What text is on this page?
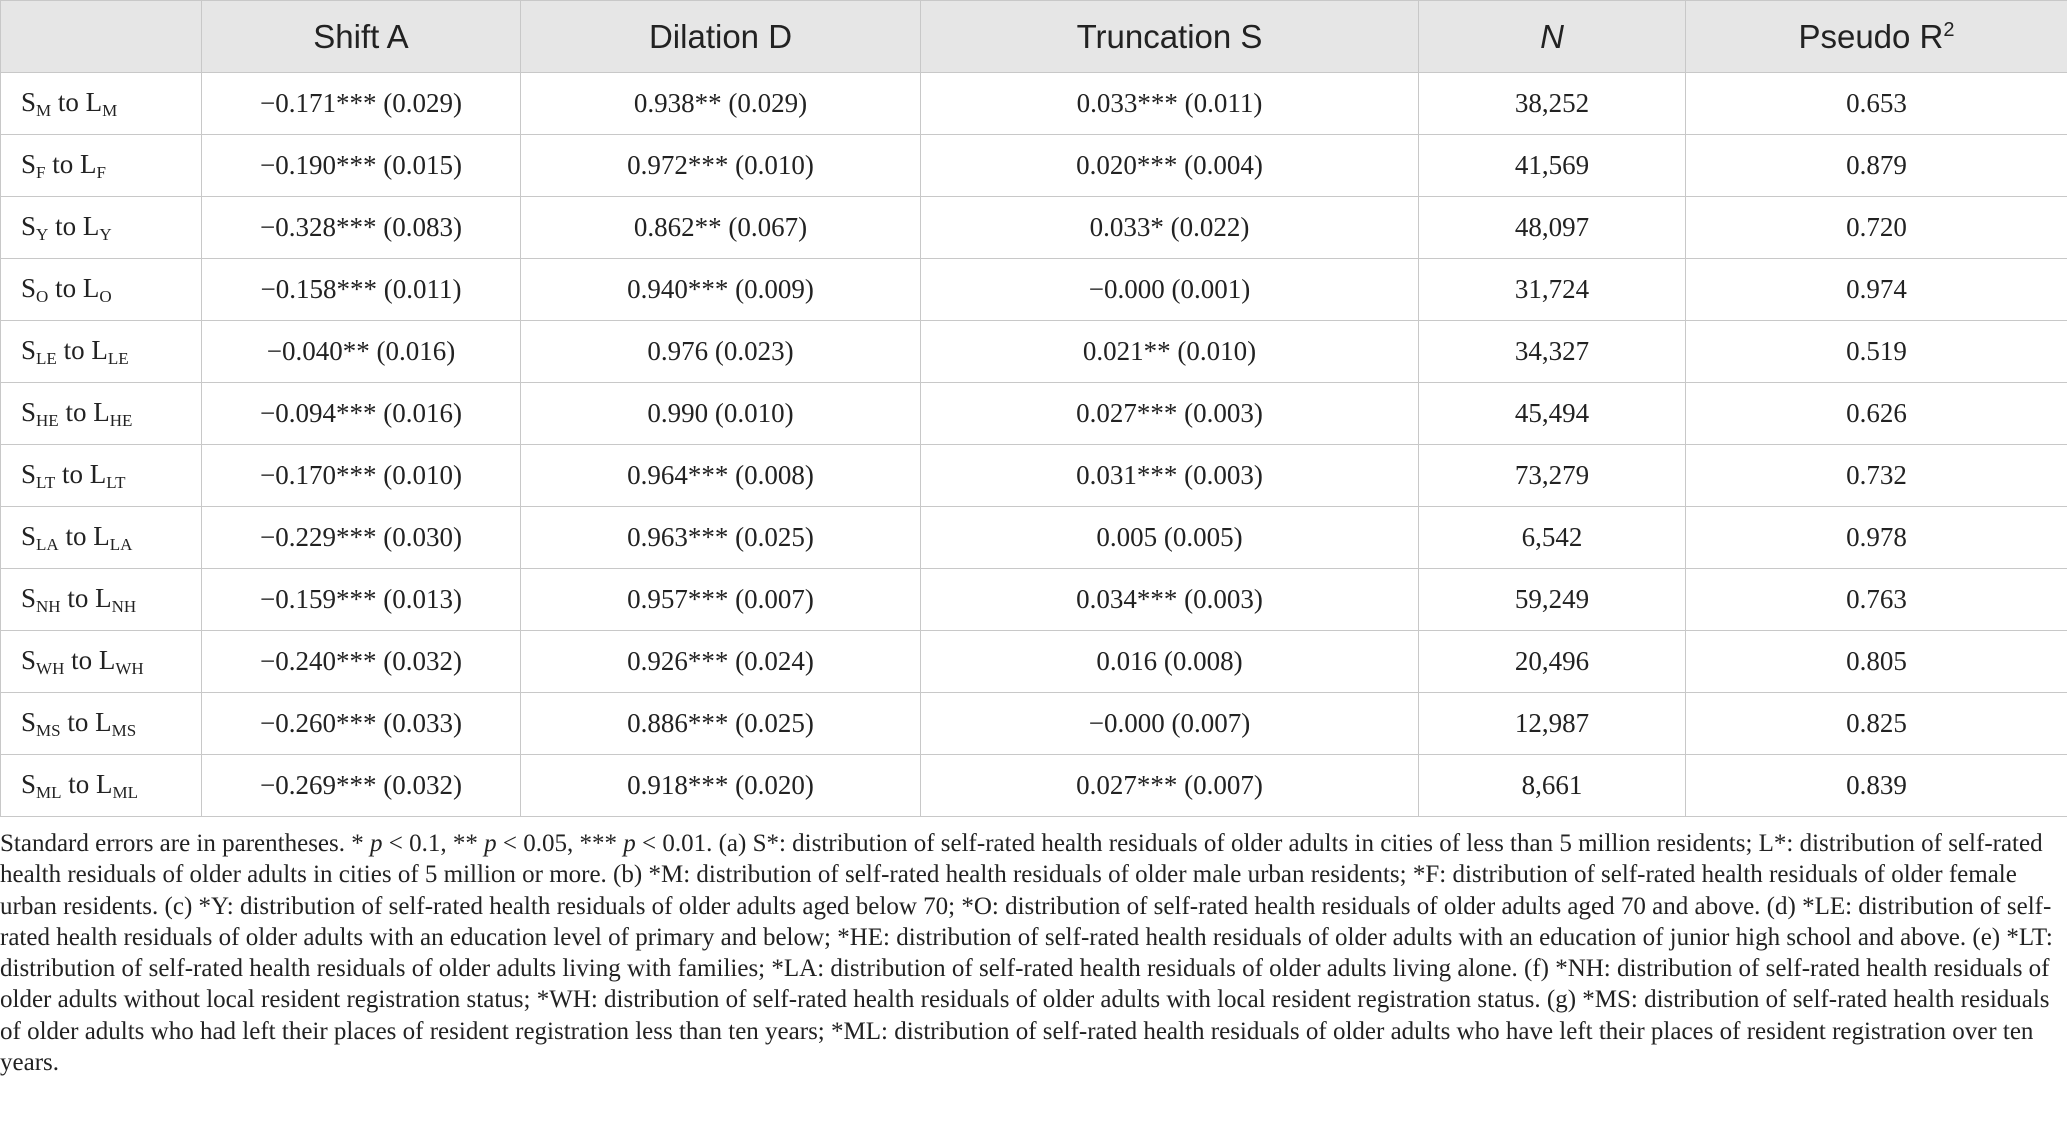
	Shift A	Dilation D	Truncation S	N	Pseudo $R^2$
$S_M$ to $L_M$	−0.171*** (0.029)	0.938** (0.029)	0.033*** (0.011)	38,252	0.653
$S_F$ to $L_F$	−0.190*** (0.015)	0.972*** (0.010)	0.020*** (0.004)	41,569	0.879
$S_Y$ to $L_Y$	−0.328*** (0.083)	0.862** (0.067)	0.033* (0.022)	48,097	0.720
$S_O$ to $L_O$	−0.158*** (0.011)	0.940*** (0.009)	−0.000 (0.001)	31,724	0.974
$S_{LE}$ to $L_{LE}$	−0.040** (0.016)	0.976 (0.023)	0.021** (0.010)	34,327	0.519
$S_{HE}$ to $L_{HE}$	−0.094*** (0.016)	0.990 (0.010)	0.027*** (0.003)	45,494	0.626
$S_{LT}$ to $L_{LT}$	−0.170*** (0.010)	0.964*** (0.008)	0.031*** (0.003)	73,279	0.732
$S_{LA}$ to $L_{LA}$	−0.229*** (0.030)	0.963*** (0.025)	0.005 (0.005)	6,542	0.978
$S_{NH}$ to $L_{NH}$	−0.159*** (0.013)	0.957*** (0.007)	0.034*** (0.003)	59,249	0.763
$S_{WH}$ to $L_{WH}$	−0.240*** (0.032)	0.926*** (0.024)	0.016 (0.008)	20,496	0.805
$S_{MS}$ to $L_{MS}$	−0.260*** (0.033)	0.886*** (0.025)	−0.000 (0.007)	12,987	0.825
$S_{ML}$ to $L_{ML}$	−0.269*** (0.032)	0.918*** (0.020)	0.027*** (0.007)	8,661	0.839

Standard errors are in parentheses. * p < 0.1, ** p < 0.05, *** p < 0.01. (a) S*: distribution of self-rated health residuals of older adults in cities of less than 5 million residents; L*: distribution of self-rated health residuals of older adults in cities of 5 million or more. (b) *M: distribution of self-rated health residuals of older male urban residents; *F: distribution of self-rated health residuals of older female urban residents. (c) *Y: distribution of self-rated health residuals of older adults aged below 70; *O: distribution of self-rated health residuals of older adults aged 70 and above. (d) *LE: distribution of self-rated health residuals of older adults with an education level of primary and below; *HE: distribution of self-rated health residuals of older adults with an education of junior high school and above. (e) *LT: distribution of self-rated health residuals of older adults living with families; *LA: distribution of self-rated health residuals of older adults living alone. (f) *NH: distribution of self-rated health residuals of older adults without local resident registration status; *WH: distribution of self-rated health residuals of older adults with local resident registration status. (g) *MS: distribution of self-rated health residuals of older adults who had left their places of resident registration less than ten years; *ML: distribution of self-rated health residuals of older adults who have left their places of resident registration over ten years.
